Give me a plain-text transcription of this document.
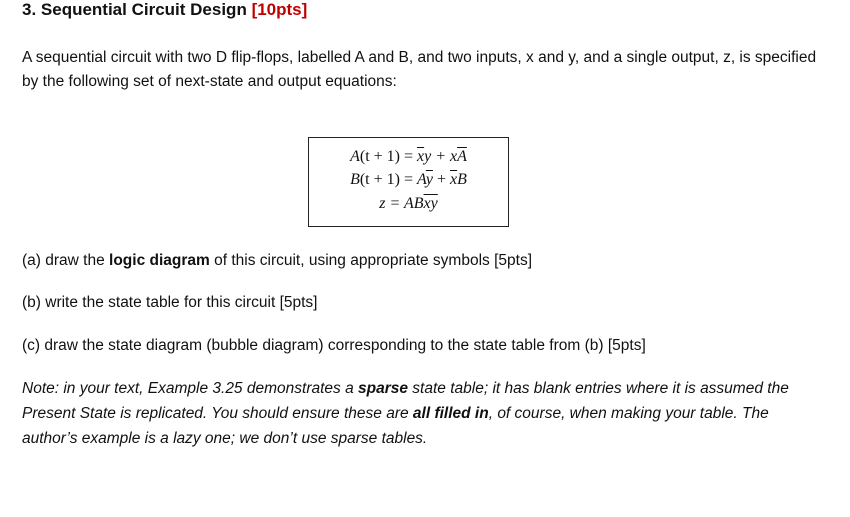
3. Sequential Circuit Design [10pts]
A sequential circuit with two D flip-flops, labelled A and B, and two inputs, x and y, and a single output, z, is specified by the following set of next-state and output equations:
$A(t + 1) = \overline{x}y + x\overline{A}$
$B(t + 1) = A\overline{y} + \overline{x}B$
$z = AB\overline{x}\overline{y}$
(a) draw the logic diagram of this circuit, using appropriate symbols [5pts]
(b) write the state table for this circuit [5pts]
(c) draw the state diagram (bubble diagram) corresponding to the state table from (b) [5pts]
Note: in your text, Example 3.25 demonstrates a sparse state table; it has blank entries where it is assumed the Present State is replicated. You should ensure these are all filled in, of course, when making your table. The author’s example is a lazy one; we don’t use sparse tables.
